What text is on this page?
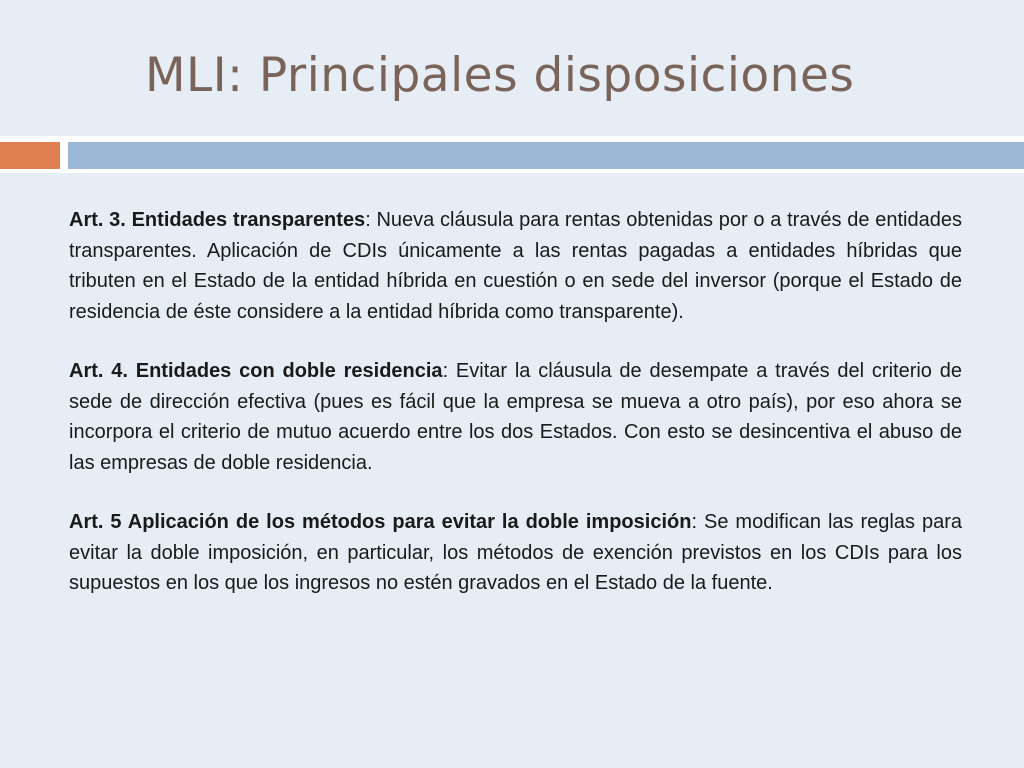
MLI: Principales disposiciones

Art. 3. Entidades transparentes: Nueva cláusula para rentas obtenidas por o a través de entidades transparentes. Aplicación de CDIs únicamente a las rentas pagadas a entidades híbridas que tributen en el Estado de la entidad híbrida en cuestión o en sede del inversor (porque el Estado de residencia de éste considere a la entidad híbrida como transparente).

Art. 4. Entidades con doble residencia: Evitar la cláusula de desempate a través del criterio de sede de dirección efectiva (pues es fácil que la empresa se mueva a otro país), por eso ahora se incorpora el criterio de mutuo acuerdo entre los dos Estados. Con esto se desincentiva el abuso de las empresas de doble residencia.

Art. 5 Aplicación de los métodos para evitar la doble imposición: Se modifican las reglas para evitar la doble imposición, en particular, los métodos de exención previstos en los CDIs para los supuestos en los que los ingresos no estén gravados en el Estado de la fuente.
